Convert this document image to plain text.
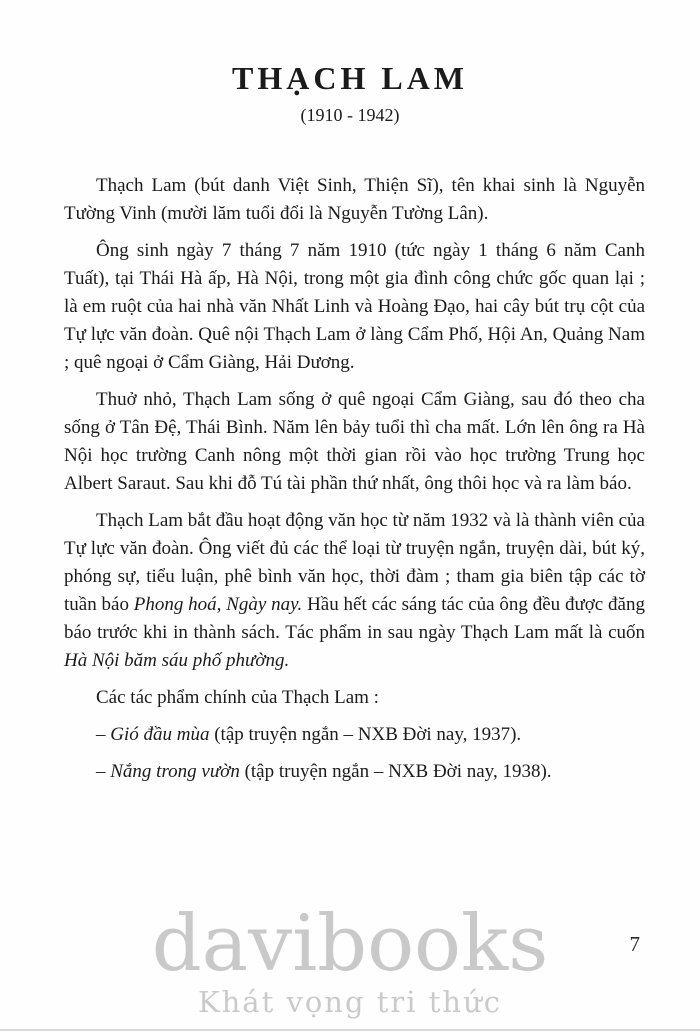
THẠCH LAM
(1910 - 1942)

Thạch Lam (bút danh Việt Sinh, Thiện Sĩ), tên khai sinh là Nguyễn Tường Vinh (mười lăm tuổi đổi là Nguyễn Tường Lân).

Ông sinh ngày 7 tháng 7 năm 1910 (tức ngày 1 tháng 6 năm Canh Tuất), tại Thái Hà ấp, Hà Nội, trong một gia đình công chức gốc quan lại ; là em ruột của hai nhà văn Nhất Linh và Hoàng Đạo, hai cây bút trụ cột của Tự lực văn đoàn. Quê nội Thạch Lam ở làng Cẩm Phố, Hội An, Quảng Nam ; quê ngoại ở Cẩm Giàng, Hải Dương.

Thuở nhỏ, Thạch Lam sống ở quê ngoại Cẩm Giàng, sau đó theo cha sống ở Tân Đệ, Thái Bình. Năm lên bảy tuổi thì cha mất. Lớn lên ông ra Hà Nội học trường Canh nông một thời gian rồi vào học trường Trung học Albert Saraut. Sau khi đỗ Tú tài phần thứ nhất, ông thôi học và ra làm báo.

Thạch Lam bắt đầu hoạt động văn học từ năm 1932 và là thành viên của Tự lực văn đoàn. Ông viết đủ các thể loại từ truyện ngắn, truyện dài, bút ký, phóng sự, tiểu luận, phê bình văn học, thời đàm ; tham gia biên tập các tờ tuần báo Phong hoá, Ngày nay. Hầu hết các sáng tác của ông đều được đăng báo trước khi in thành sách. Tác phẩm in sau ngày Thạch Lam mất là cuốn Hà Nội băm sáu phố phường.

Các tác phẩm chính của Thạch Lam :

– Gió đầu mùa (tập truyện ngắn – NXB Đời nay, 1937).

– Nắng trong vườn (tập truyện ngắn – NXB Đời nay, 1938).

davibooks
Khát vọng tri thức
7
